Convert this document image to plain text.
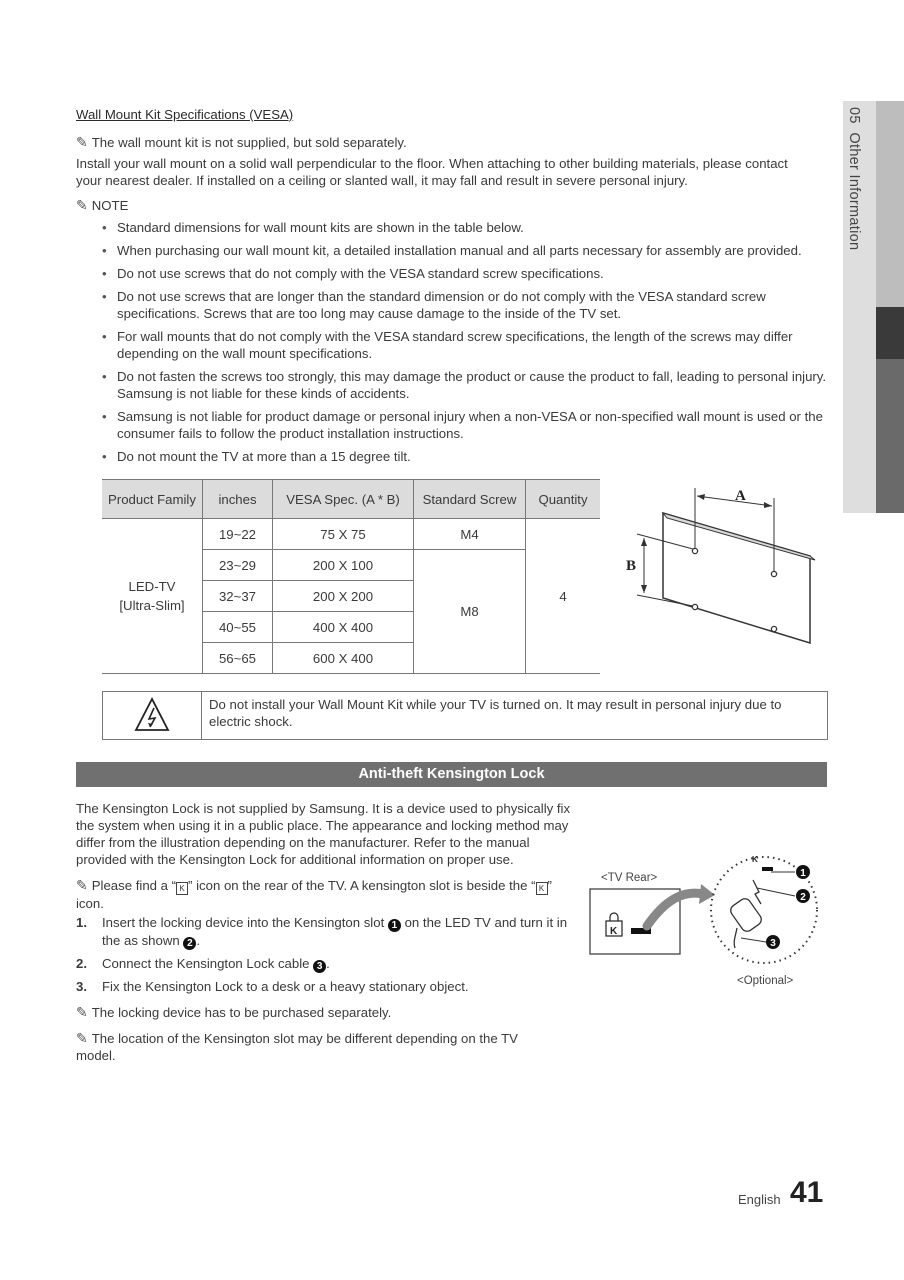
05  Other Information
Wall Mount Kit Specifications (VESA)
✎ The wall mount kit is not supplied, but sold separately.
Install your wall mount on a solid wall perpendicular to the floor. When attaching to other building materials, please contact your nearest dealer. If installed on a ceiling or slanted wall, it may fall and result in severe personal injury.
✎ NOTE
• Standard dimensions for wall mount kits are shown in the table below.
• When purchasing our wall mount kit, a detailed installation manual and all parts necessary for assembly are provided.
• Do not use screws that do not comply with the VESA standard screw specifications.
• Do not use screws that are longer than the standard dimension or do not comply with the VESA standard screw specifications. Screws that are too long may cause damage to the inside of the TV set.
• For wall mounts that do not comply with the VESA standard screw specifications, the length of the screws may differ depending on the wall mount specifications.
• Do not fasten the screws too strongly, this may damage the product or cause the product to fall, leading to personal injury. Samsung is not liable for these kinds of accidents.
• Samsung is not liable for product damage or personal injury when a non-VESA or non-specified wall mount is used or the consumer fails to follow the product installation instructions.
• Do not mount the TV at more than a 15 degree tilt.
Product Family	inches	VESA Spec. (A * B)	Standard Screw	Quantity
LED-TV
[Ultra-Slim]	19~22	75 X 75	M4	4
	23~29	200 X 100	M8	
	32~37	200 X 200		
	40~55	400 X 400		
	56~65	600 X 400		
A
B
Do not install your Wall Mount Kit while your TV is turned on. It may result in personal injury due to electric shock.
Anti-theft Kensington Lock
The Kensington Lock is not supplied by Samsung. It is a device used to physically fix the system when using it in a public place. The appearance and locking method may differ from the illustration depending on the manufacturer. Refer to the manual provided with the Kensington Lock for additional information on proper use.
✎ Please find a “ K ” icon on the rear of the TV. A kensington slot is beside the “ K ” icon.
1.	Insert the locking device into the Kensington slot 1 on the LED TV and turn it in the as shown 2 .
2.	Connect the Kensington Lock cable 3 .
3.	Fix the Kensington Lock to a desk or a heavy stationary object.
✎ The locking device has to be purchased separately.
✎ The location of the Kensington slot may be different depending on the TV model.
<TV Rear>
<Optional>
K
K
1
2
3
English 41
